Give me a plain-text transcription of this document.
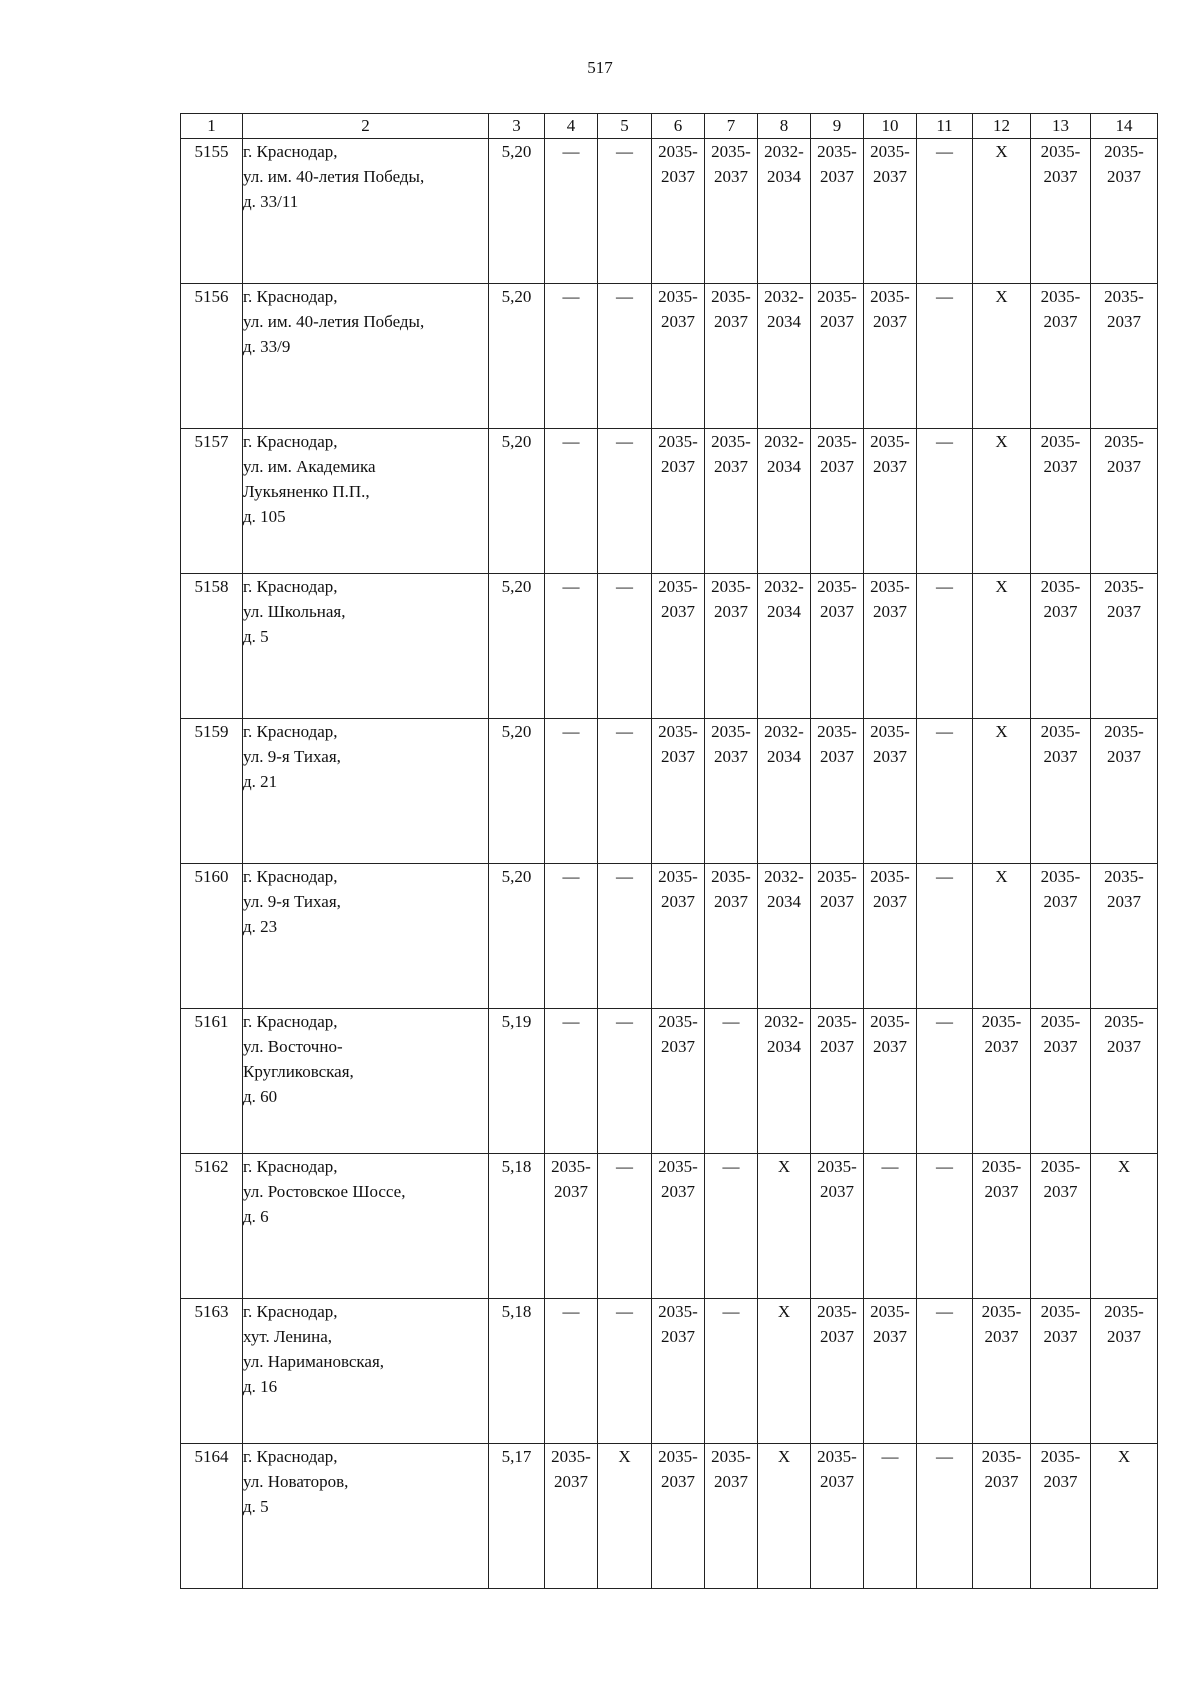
517
1	2	3	4	5	6	7	8	9	10	11	12	13	14
5155	г. Краснодар,
ул. им. 40-летия Победы,
д. 33/11	5,20	—	—	2035-
2037	2035-
2037	2032-
2034	2035-
2037	2035-
2037	—	Х	2035-
2037	2035-
2037
5156	г. Краснодар,
ул. им. 40-летия Победы,
д. 33/9	5,20	—	—	2035-
2037	2035-
2037	2032-
2034	2035-
2037	2035-
2037	—	Х	2035-
2037	2035-
2037
5157	г. Краснодар,
ул. им. Академика
Лукьяненко П.П.,
д. 105	5,20	—	—	2035-
2037	2035-
2037	2032-
2034	2035-
2037	2035-
2037	—	Х	2035-
2037	2035-
2037
5158	г. Краснодар,
ул. Школьная,
д. 5	5,20	—	—	2035-
2037	2035-
2037	2032-
2034	2035-
2037	2035-
2037	—	Х	2035-
2037	2035-
2037
5159	г. Краснодар,
ул. 9-я Тихая,
д. 21	5,20	—	—	2035-
2037	2035-
2037	2032-
2034	2035-
2037	2035-
2037	—	Х	2035-
2037	2035-
2037
5160	г. Краснодар,
ул. 9-я Тихая,
д. 23	5,20	—	—	2035-
2037	2035-
2037	2032-
2034	2035-
2037	2035-
2037	—	Х	2035-
2037	2035-
2037
5161	г. Краснодар,
ул. Восточно-
Кругликовская,
д. 60	5,19	—	—	2035-
2037	—	2032-
2034	2035-
2037	2035-
2037	—	2035-
2037	2035-
2037	2035-
2037
5162	г. Краснодар,
ул. Ростовское Шоссе,
д. 6	5,18	2035-
2037	—	2035-
2037	—	Х	2035-
2037	—	—	2035-
2037	2035-
2037	Х
5163	г. Краснодар,
хут. Ленина,
ул. Наримановская,
д. 16	5,18	—	—	2035-
2037	—	Х	2035-
2037	2035-
2037	—	2035-
2037	2035-
2037	2035-
2037
5164	г. Краснодар,
ул. Новаторов,
д. 5	5,17	2035-
2037	Х	2035-
2037	2035-
2037	Х	2035-
2037	—	—	2035-
2037	2035-
2037	Х
